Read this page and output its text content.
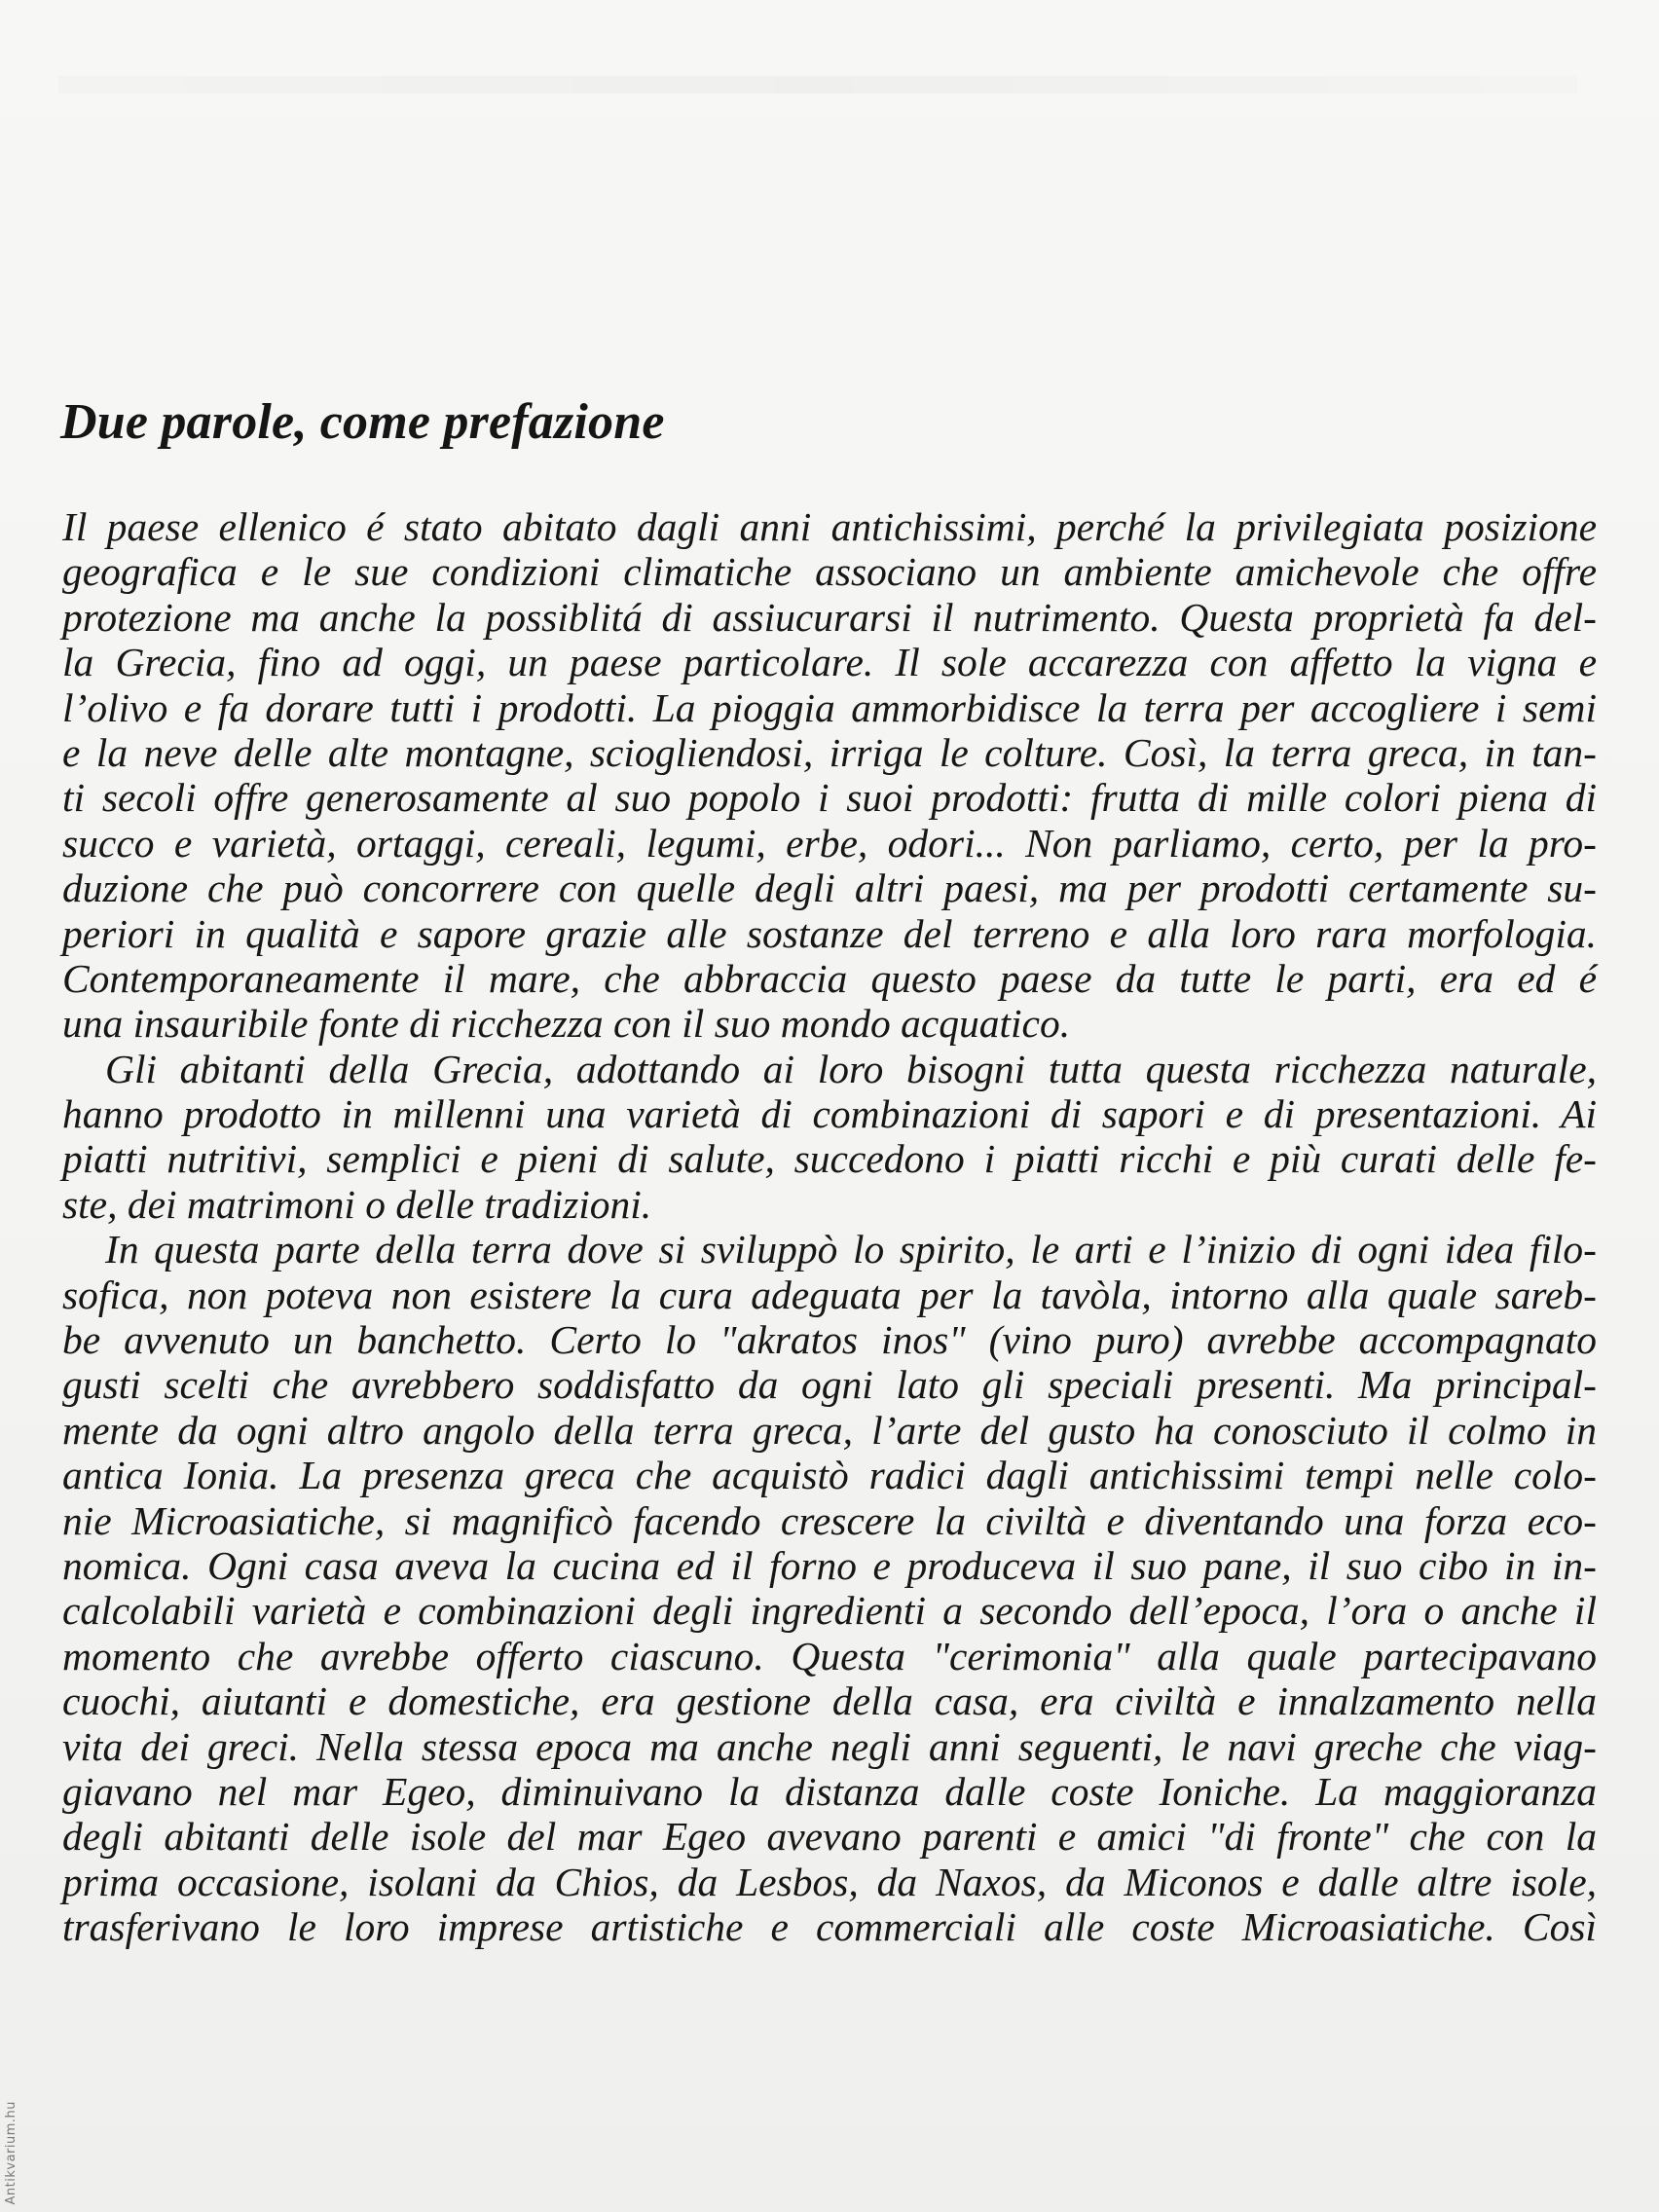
Due parole, come prefazione
Il paese ellenico é stato abitato dagli anni antichissimi, perché la privilegiata posizione
geografica e le sue condizioni climatiche associano un ambiente amichevole che offre
protezione ma anche la possiblitá di assiucurarsi il nutrimento. Questa proprietà fa del-
la Grecia, fino ad oggi, un paese particolare. Il sole accarezza con affetto la vigna e
l’olivo e fa dorare tutti i prodotti. La pioggia ammorbidisce la terra per accogliere i semi
e la neve delle alte montagne, sciogliendosi, irriga le colture. Così, la terra greca, in tan-
ti secoli offre generosamente al suo popolo i suoi prodotti: frutta di mille colori piena di
succo e varietà, ortaggi, cereali, legumi, erbe, odori... Non parliamo, certo, per la pro-
duzione che può concorrere con quelle degli altri paesi, ma per prodotti certamente su-
periori in qualità e sapore grazie alle sostanze del terreno e alla loro rara morfologia.
Contemporaneamente il mare, che abbraccia questo paese da tutte le parti, era ed é
una insauribile fonte di ricchezza con il suo mondo acquatico.
Gli abitanti della Grecia, adottando ai loro bisogni tutta questa ricchezza naturale,
hanno prodotto in millenni una varietà di combinazioni di sapori e di presentazioni. Ai
piatti nutritivi, semplici e pieni di salute, succedono i piatti ricchi e più curati delle fe-
ste, dei matrimoni o delle tradizioni.
In questa parte della terra dove si sviluppò lo spirito, le arti e l’inizio di ogni idea filo-
sofica, non poteva non esistere la cura adeguata per la tavòla, intorno alla quale sareb-
be avvenuto un banchetto. Certo lo "akratos inos" (vino puro) avrebbe accompagnato
gusti scelti che avrebbero soddisfatto da ogni lato gli speciali presenti. Ma principal-
mente da ogni altro angolo della terra greca, l’arte del gusto ha conosciuto il colmo in
antica Ionia. La presenza greca che acquistò radici dagli antichissimi tempi nelle colo-
nie Microasiatiche, si magnificò facendo crescere la civiltà e diventando una forza eco-
nomica. Ogni casa aveva la cucina ed il forno e produceva il suo pane, il suo cibo in in-
calcolabili varietà e combinazioni degli ingredienti a secondo dell’epoca, l’ora o anche il
momento che avrebbe offerto ciascuno. Questa "cerimonia" alla quale partecipavano
cuochi, aiutanti e domestiche, era gestione della casa, era civiltà e innalzamento nella
vita dei greci. Nella stessa epoca ma anche negli anni seguenti, le navi greche che viag-
giavano nel mar Egeo, diminuivano la distanza dalle coste Ioniche. La maggioranza
degli abitanti delle isole del mar Egeo avevano parenti e amici "di fronte" che con la
prima occasione, isolani da Chios, da Lesbos, da Naxos, da Miconos e dalle altre isole,
trasferivano le loro imprese artistiche e commerciali alle coste Microasiatiche. Così
Antikvarium.hu
